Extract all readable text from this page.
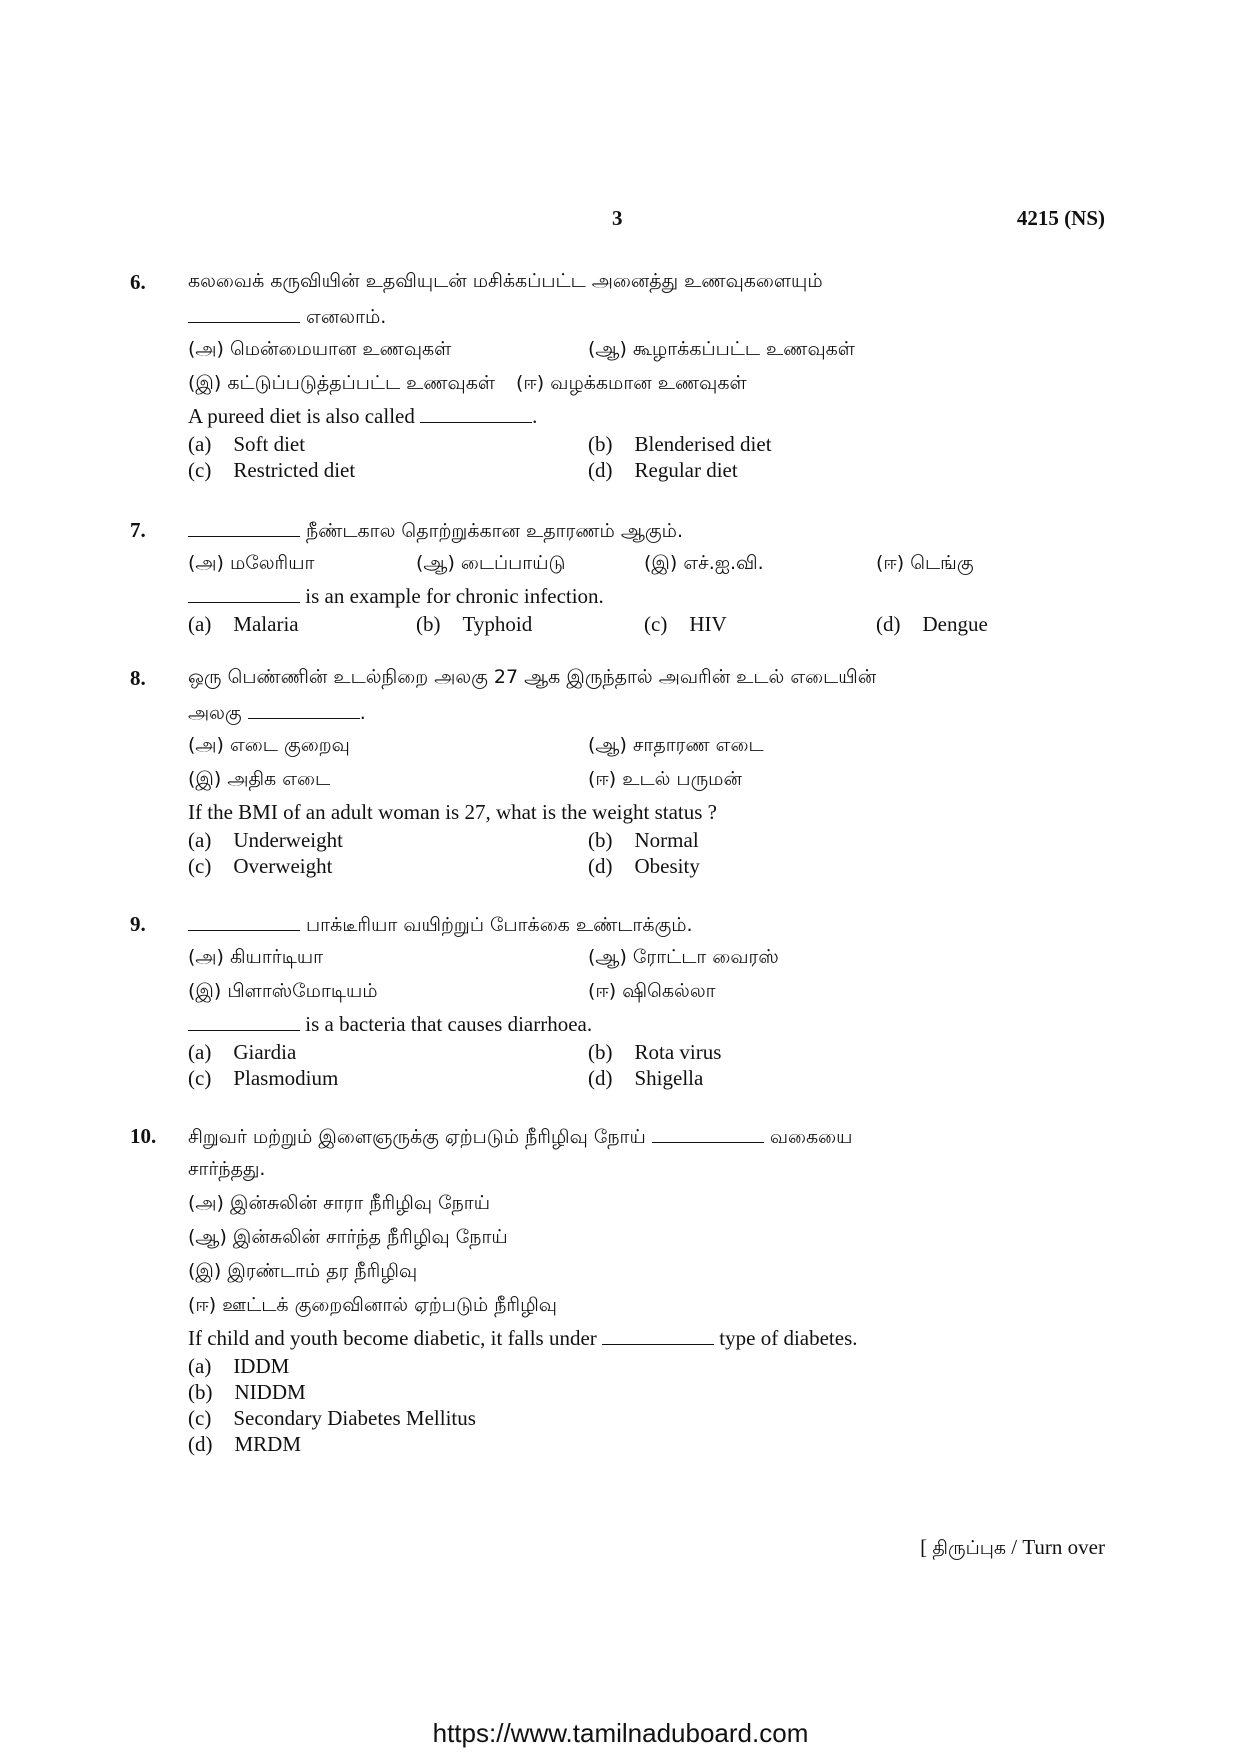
3	4215 (NS)
6. கலவைக் கருவியின் உதவியுடன் மசிக்கப்பட்ட அனைத்து உணவுகளையும்
எனலாம்.
(அ) மென்மையான உணவுகள்	(ஆ) கூழாக்கப்பட்ட உணவுகள்
(இ) கட்டுப்படுத்தப்பட்ட உணவுகள் (ஈ) வழக்கமான உணவுகள்
A pureed diet is also called	.
(a) Soft diet	(b) Blenderised diet
(c) Restricted diet	(d) Regular diet
7.	நீண்டகால தொற்றுக்கான உதாரணம் ஆகும்.
(அ) மலேரியா	(ஆ) டைப்பாய்டு	(இ) எச்.ஐ.வி.	(ஈ) டெங்கு
is an example for chronic infection.
(a) Malaria	(b) Typhoid	(c) HIV	(d) Dengue
8. ஒரு பெண்ணின் உடல்நிறை அலகு 27 ஆக இருந்தால் அவரின் உடல் எடையின்
அலகு	.
(அ) எடை குறைவு	(ஆ) சாதாரண எடை
(இ) அதிக எடை	(ஈ) உடல் பருமன்
If the BMI of an adult woman is 27, what is the weight status ?
(a) Underweight	(b) Normal
(c) Overweight	(d) Obesity
9.	பாக்டீரியா வயிற்றுப் போக்கை உண்டாக்கும்.
(அ) கியார்டியா	(ஆ) ரோட்டா வைரஸ்
(இ) பிளாஸ்மோடியம்	(ஈ) ஷிகெல்லா
is a bacteria that causes diarrhoea.
(a) Giardia	(b) Rota virus
(c) Plasmodium	(d) Shigella
10. சிறுவர் மற்றும் இளைஞருக்கு ஏற்படும் நீரிழிவு நோய்	வகையை
சார்ந்தது.
(அ) இன்சுலின் சாரா நீரிழிவு நோய்
(ஆ) இன்சுலின் சார்ந்த நீரிழிவு நோய்
(இ) இரண்டாம் தர நீரிழிவு
(ஈ) ஊட்டக் குறைவினால் ஏற்படும் நீரிழிவு
If child and youth become diabetic, it falls under	type of diabetes.
(a) IDDM
(b) NIDDM
(c) Secondary Diabetes Mellitus
(d) MRDM
[ திருப்புக / Turn over
https://www.tamilnaduboard.com
